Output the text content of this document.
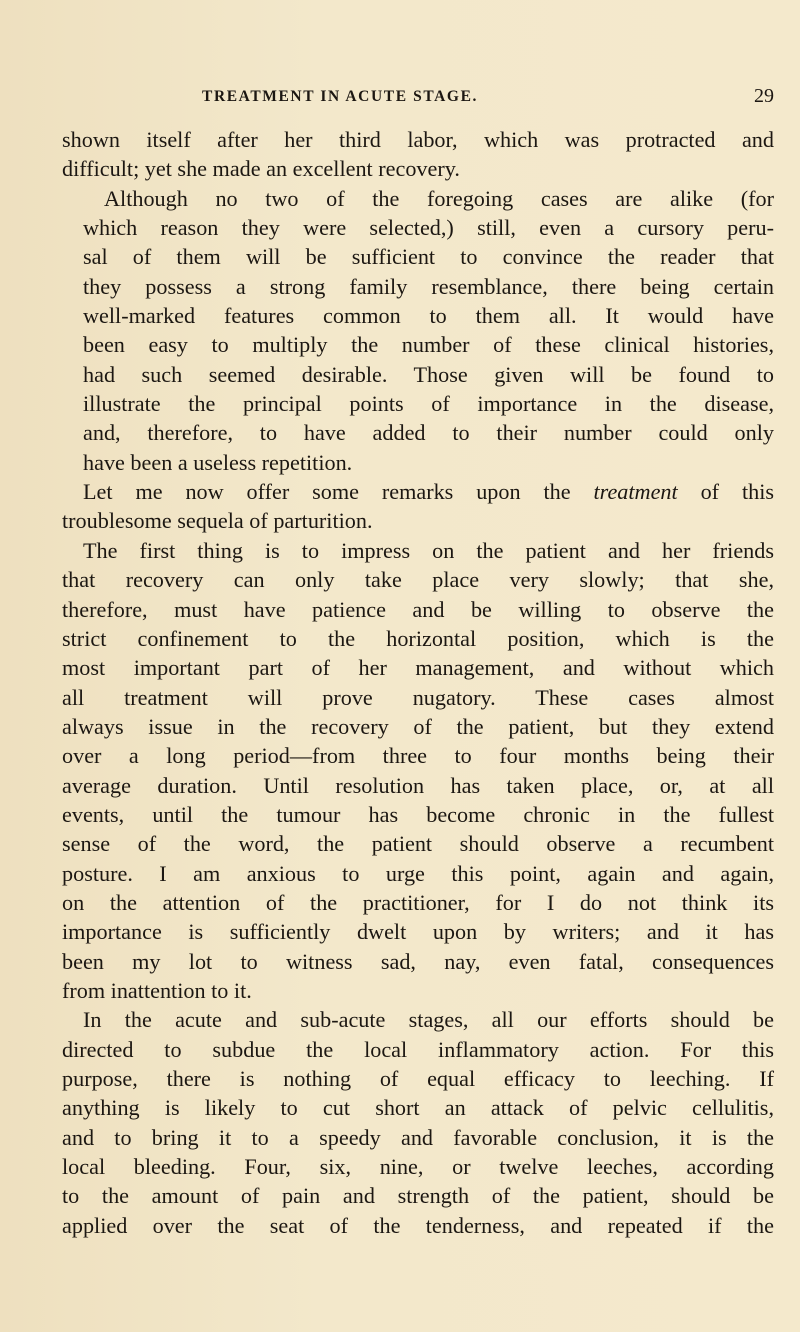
TREATMENT IN ACUTE STAGE.	29

shown itself after her third labor, which was protracted and
difficult; yet she made an excellent recovery.

Although no two of the foregoing cases are alike (for
which reason they were selected,) still, even a cursory peru-
sal of them will be sufficient to convince the reader that
they possess a strong family resemblance, there being certain
well-marked features common to them all. It would have
been easy to multiply the number of these clinical histories,
had such seemed desirable. Those given will be found to
illustrate the principal points of importance in the disease,
and, therefore, to have added to their number could only
have been a useless repetition.

Let me now offer some remarks upon the treatment of this
troublesome sequela of parturition.

The first thing is to impress on the patient and her friends
that recovery can only take place very slowly; that she,
therefore, must have patience and be willing to observe the
strict confinement to the horizontal position, which is the
most important part of her management, and without which
all treatment will prove nugatory. These cases almost
always issue in the recovery of the patient, but they extend
over a long period—from three to four months being their
average duration. Until resolution has taken place, or, at all
events, until the tumour has become chronic in the fullest
sense of the word, the patient should observe a recumbent
posture. I am anxious to urge this point, again and again,
on the attention of the practitioner, for I do not think its
importance is sufficiently dwelt upon by writers; and it has
been my lot to witness sad, nay, even fatal, consequences
from inattention to it.

In the acute and sub-acute stages, all our efforts should be
directed to subdue the local inflammatory action. For this
purpose, there is nothing of equal efficacy to leeching. If
anything is likely to cut short an attack of pelvic cellulitis,
and to bring it to a speedy and favorable conclusion, it is the
local bleeding. Four, six, nine, or twelve leeches, according
to the amount of pain and strength of the patient, should be
applied over the seat of the tenderness, and repeated if the
